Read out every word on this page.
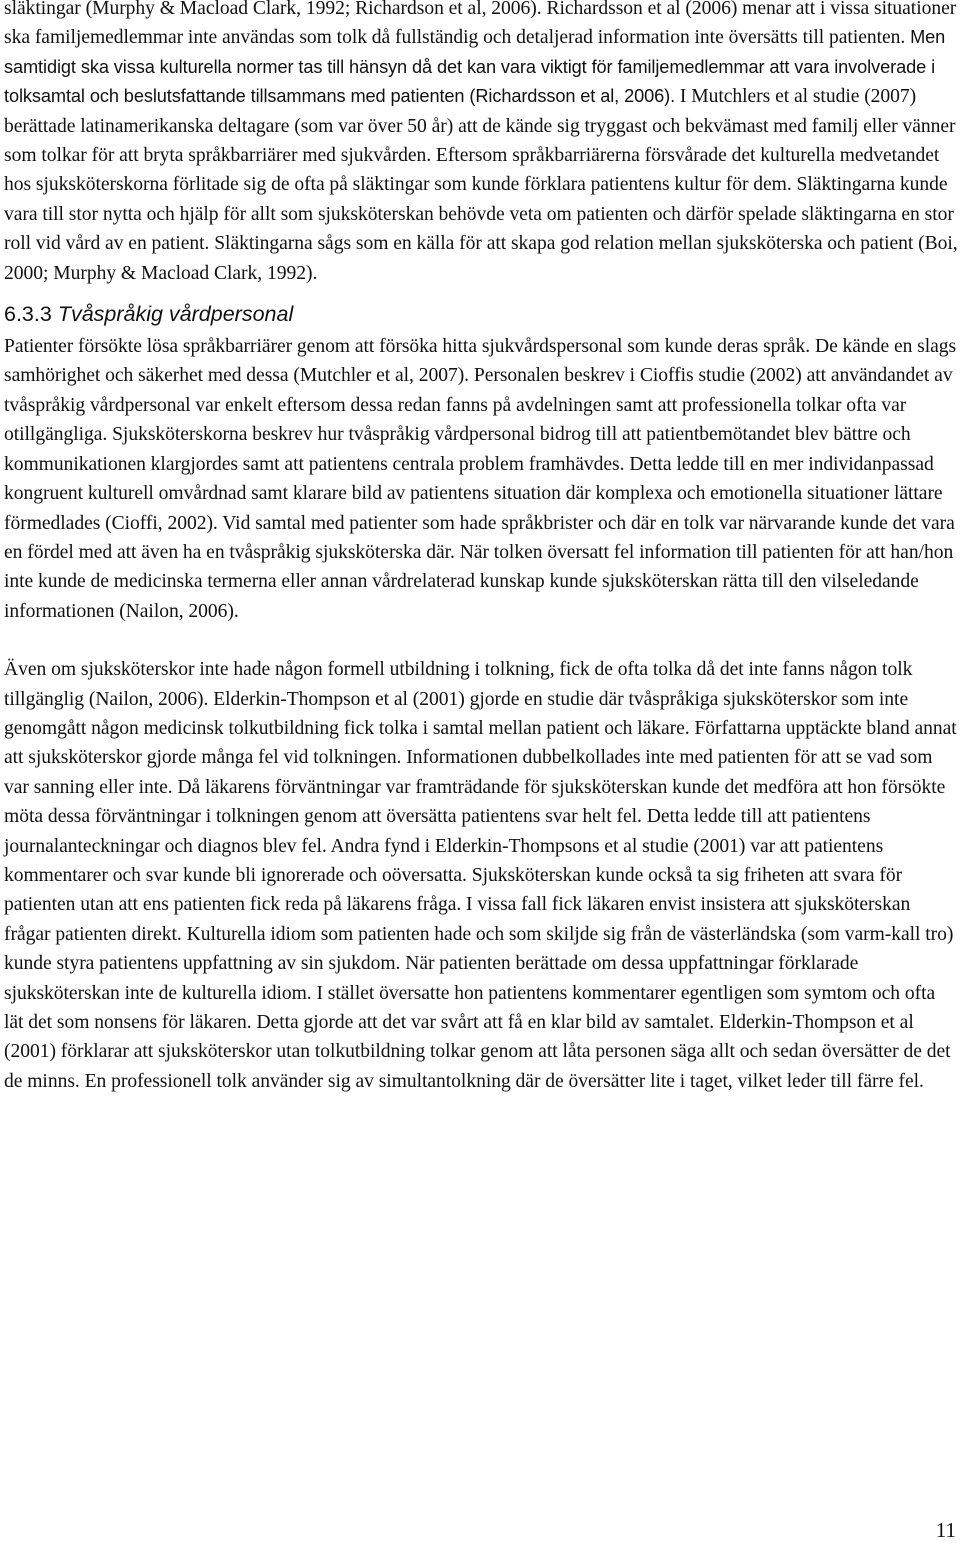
släktingar (Murphy & Macload Clark, 1992; Richardson et al, 2006). Richardsson et al (2006) menar att i vissa situationer ska familjemedlemmar inte användas som tolk då fullständig och detaljerad information inte översätts till patienten. Men samtidigt ska vissa kulturella normer tas till hänsyn då det kan vara viktigt för familjemedlemmar att vara involverade i tolksamtal och beslutsfattande tillsammans med patienten (Richardsson et al, 2006). I Mutchlers et al studie (2007) berättade latinamerikanska deltagare (som var över 50 år) att de kände sig tryggast och bekvämast med familj eller vänner som tolkar för att bryta språkbarriärer med sjukvården. Eftersom språkbarriärerna försvårade det kulturella medvetandet hos sjuksköterskorna förlitade sig de ofta på släktingar som kunde förklara patientens kultur för dem. Släktingarna kunde vara till stor nytta och hjälp för allt som sjuksköterskan behövde veta om patienten och därför spelade släktingarna en stor roll vid vård av en patient. Släktingarna sågs som en källa för att skapa god relation mellan sjuksköterska och patient (Boi, 2000; Murphy & Macload Clark, 1992).

6.3.3 Tvåspråkig vårdpersonal

Patienter försökte lösa språkbarriärer genom att försöka hitta sjukvårdspersonal som kunde deras språk. De kände en slags samhörighet och säkerhet med dessa (Mutchler et al, 2007). Personalen beskrev i Cioffis studie (2002) att användandet av tvåspråkig vårdpersonal var enkelt eftersom dessa redan fanns på avdelningen samt att professionella tolkar ofta var otillgängliga. Sjuksköterskorna beskrev hur tvåspråkig vårdpersonal bidrog till att patientbemötandet blev bättre och kommunikationen klargjordes samt att patientens centrala problem framhävdes. Detta ledde till en mer individanpassad kongruent kulturell omvårdnad samt klarare bild av patientens situation där komplexa och emotionella situationer lättare förmedlades (Cioffi, 2002). Vid samtal med patienter som hade språkbrister och där en tolk var närvarande kunde det vara en fördel med att även ha en tvåspråkig sjuksköterska där. När tolken översatt fel information till patienten för att han/hon inte kunde de medicinska termerna eller annan vårdrelaterad kunskap kunde sjuksköterskan rätta till den vilseledande informationen (Nailon, 2006).

Även om sjuksköterskor inte hade någon formell utbildning i tolkning, fick de ofta tolka då det inte fanns någon tolk tillgänglig (Nailon, 2006). Elderkin-Thompson et al (2001) gjorde en studie där tvåspråkiga sjuksköterskor som inte genomgått någon medicinsk tolkutbildning fick tolka i samtal mellan patient och läkare. Författarna upptäckte bland annat att sjuksköterskor gjorde många fel vid tolkningen. Informationen dubbelkollades inte med patienten för att se vad som var sanning eller inte. Då läkarens förväntningar var framträdande för sjuksköterskan kunde det medföra att hon försökte möta dessa förväntningar i tolkningen genom att översätta patientens svar helt fel. Detta ledde till att patientens journalanteckningar och diagnos blev fel. Andra fynd i Elderkin-Thompsons et al studie (2001) var att patientens kommentarer och svar kunde bli ignorerade och oöversatta. Sjuksköterskan kunde också ta sig friheten att svara för patienten utan att ens patienten fick reda på läkarens fråga. I vissa fall fick läkaren envist insistera att sjuksköterskan frågar patienten direkt. Kulturella idiom som patienten hade och som skiljde sig från de västerländska (som varm-kall tro) kunde styra patientens uppfattning av sin sjukdom. När patienten berättade om dessa uppfattningar förklarade sjuksköterskan inte de kulturella idiom. I stället översatte hon patientens kommentarer egentligen som symtom och ofta lät det som nonsens för läkaren. Detta gjorde att det var svårt att få en klar bild av samtalet. Elderkin-Thompson et al (2001) förklarar att sjuksköterskor utan tolkutbildning tolkar genom att låta personen säga allt och sedan översätter de det de minns. En professionell tolk använder sig av simultantolkning där de översätter lite i taget, vilket leder till färre fel.

11
